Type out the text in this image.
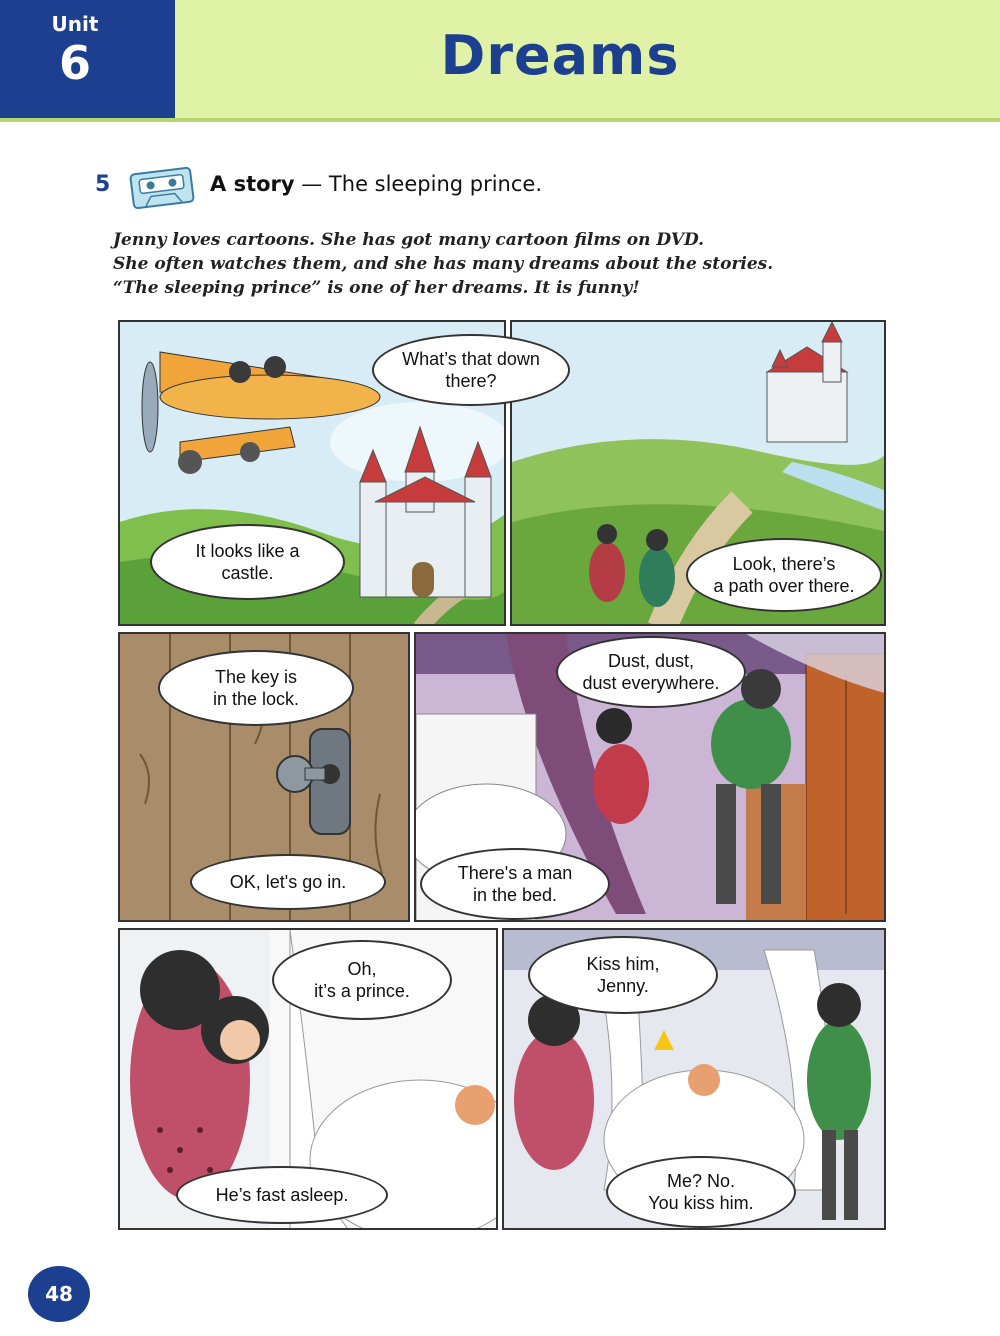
Unit
6	Dreams
5	A story — The sleeping prince.
Jenny loves cartoons. She has got many cartoon films on DVD.
She often watches them, and she has many dreams about the stories.
“The sleeping prince” is one of her dreams. It is funny!
What’s that down
there?
It looks like a
castle.	Look, there’s
a path over there.
The key is
in the lock.
OK, let's go in.
Dust, dust,
dust everywhere.
There's a man
in the bed.
Oh,
it’s a prince.
He’s fast asleep.
Kiss him,
Jenny.
Me? No.
You kiss him.
48
